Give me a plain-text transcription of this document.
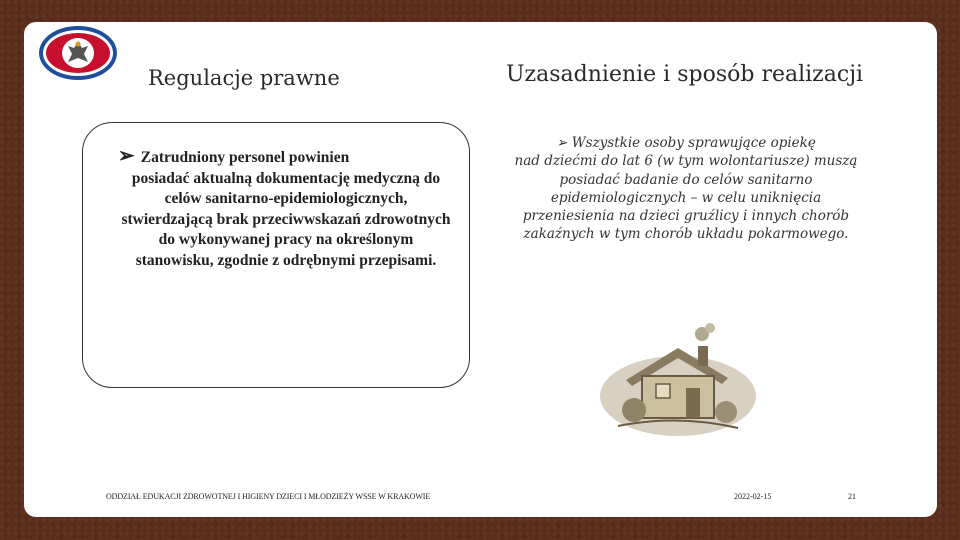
Regulacje prawne	Uzasadnienie i sposób realizacji
➢ Zatrudniony personel powinien
posiadać aktualną dokumentację medyczną do celów sanitarno-epidemiologicznych, stwierdzającą brak przeciwwskazań zdrowotnych do wykonywanej pracy na określonym stanowisku, zgodnie z odrębnymi przepisami.
➢ Wszystkie osoby sprawujące opiekę
nad dziećmi do lat 6 (w tym wolontariusze) muszą posiadać badanie do celów sanitarno epidemiologicznych – w celu uniknięcia przeniesienia na dzieci gruźlicy i innych chorób zakaźnych w tym chorób układu pokarmowego.
ODDZIAŁ EDUKACJI ZDROWOTNEJ I HIGIENY DZIECI I MŁODZIEŻY WSSE W KRAKOWIE	2022-02-15	21
